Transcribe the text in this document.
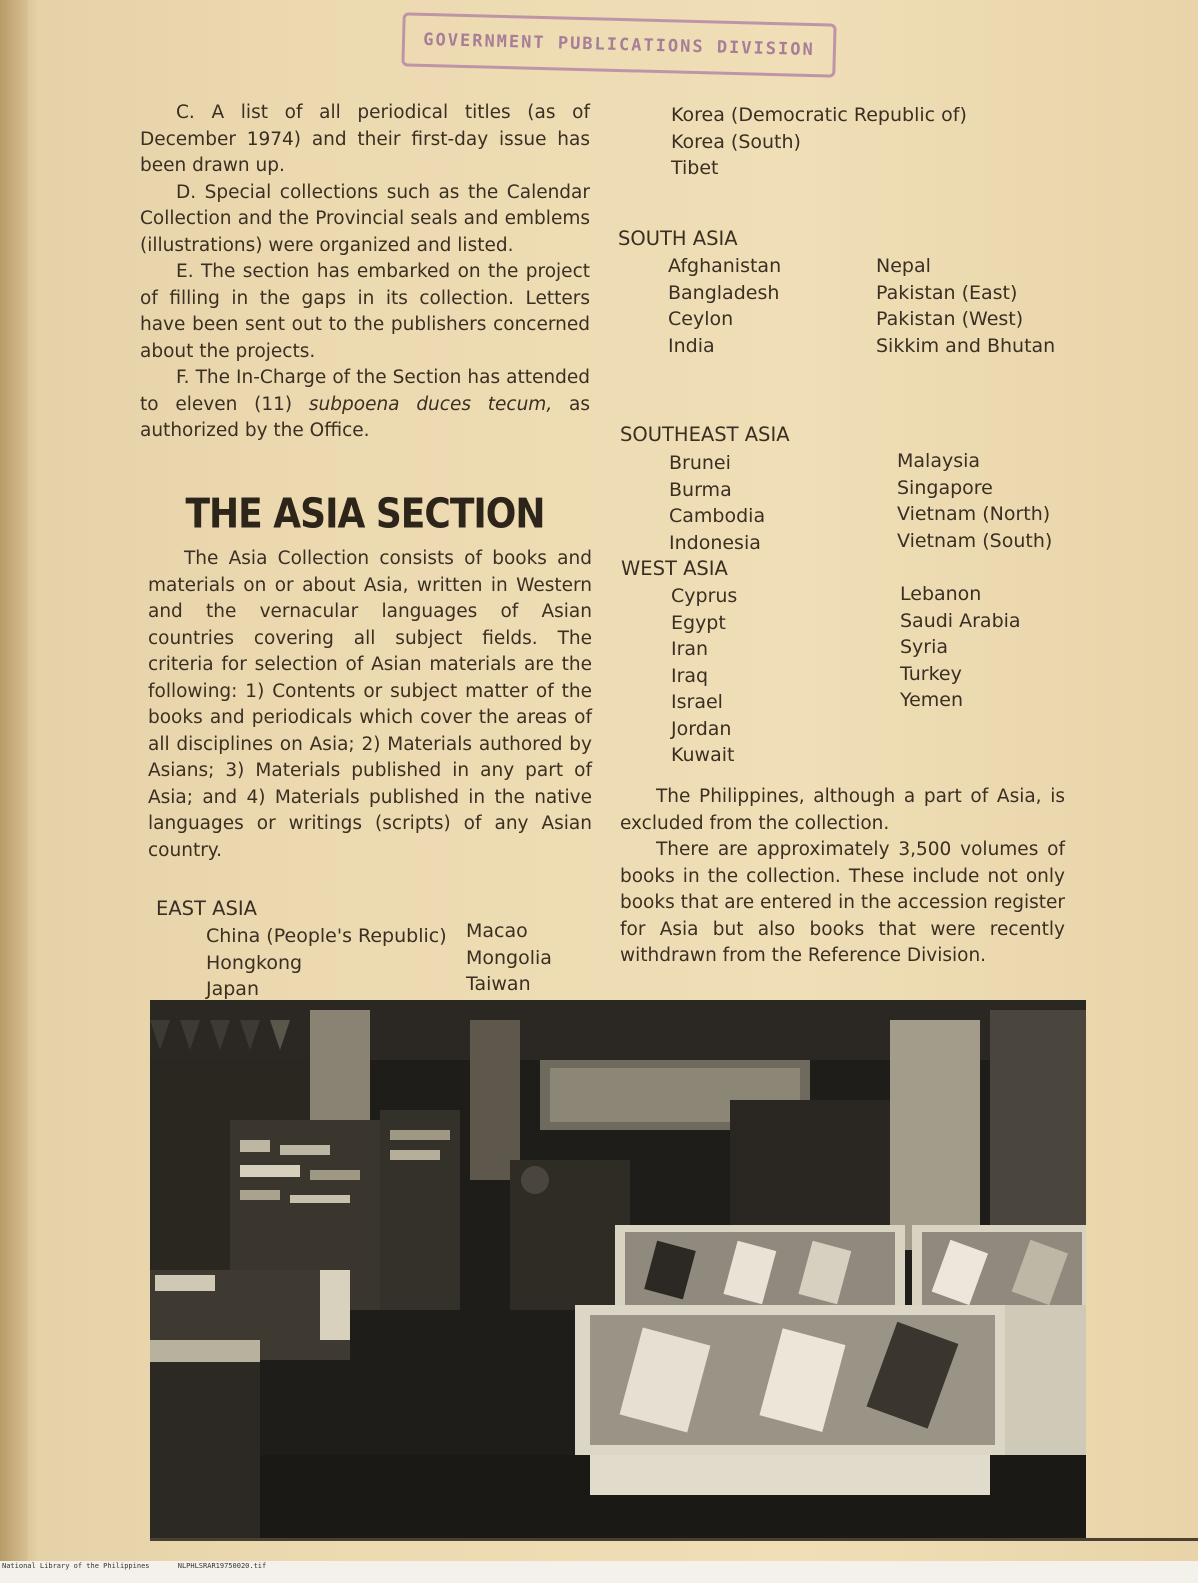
GOVERNMENT PUBLICATIONS DIVISION

C. A list of all periodical titles (as of December 1974) and their first-day issue has been drawn up.

D. Special collections such as the Calendar Collection and the Provincial seals and emblems (illustrations) were organized and listed.

E. The section has embarked on the project of filling in the gaps in its collection. Letters have been sent out to the publishers concerned about the projects.

F. The In-Charge of the Section has attended to eleven (11) subpoena duces tecum, as authorized by the Office.

THE ASIA SECTION

The Asia Collection consists of books and materials on or about Asia, written in Western and the vernacular languages of Asian countries covering all subject fields. The criteria for selection of Asian materials are the following: 1) Contents or subject matter of the books and periodicals which cover the areas of all disciplines on Asia; 2) Materials authored by Asians; 3) Materials published in any part of Asia; and 4) Materials published in the native languages or writings (scripts) of any Asian country.

EAST ASIA

China (People's Republic)
Hongkong
Japan
Macao
Mongolia
Taiwan
Korea (Democratic Republic of)
Korea (South)
Tibet

SOUTH ASIA

Afghanistan
Bangladesh
Ceylon
India
Nepal
Pakistan (East)
Pakistan (West)
Sikkim and Bhutan

SOUTHEAST ASIA

Brunei
Burma
Cambodia
Indonesia
Malaysia
Singapore
Vietnam (North)
Vietnam (South)

WEST ASIA

Cyprus
Egypt
Iran
Iraq
Israel
Jordan
Kuwait
Lebanon
Saudi Arabia
Syria
Turkey
Yemen

The Philippines, although a part of Asia, is excluded from the collection.

There are approximately 3,500 volumes of books in the collection. These include not only books that are entered in the accession register for Asia but also books that were recently withdrawn from the Reference Division.

National Library of the Philippines	NLPHLSRAR19750020.tif
